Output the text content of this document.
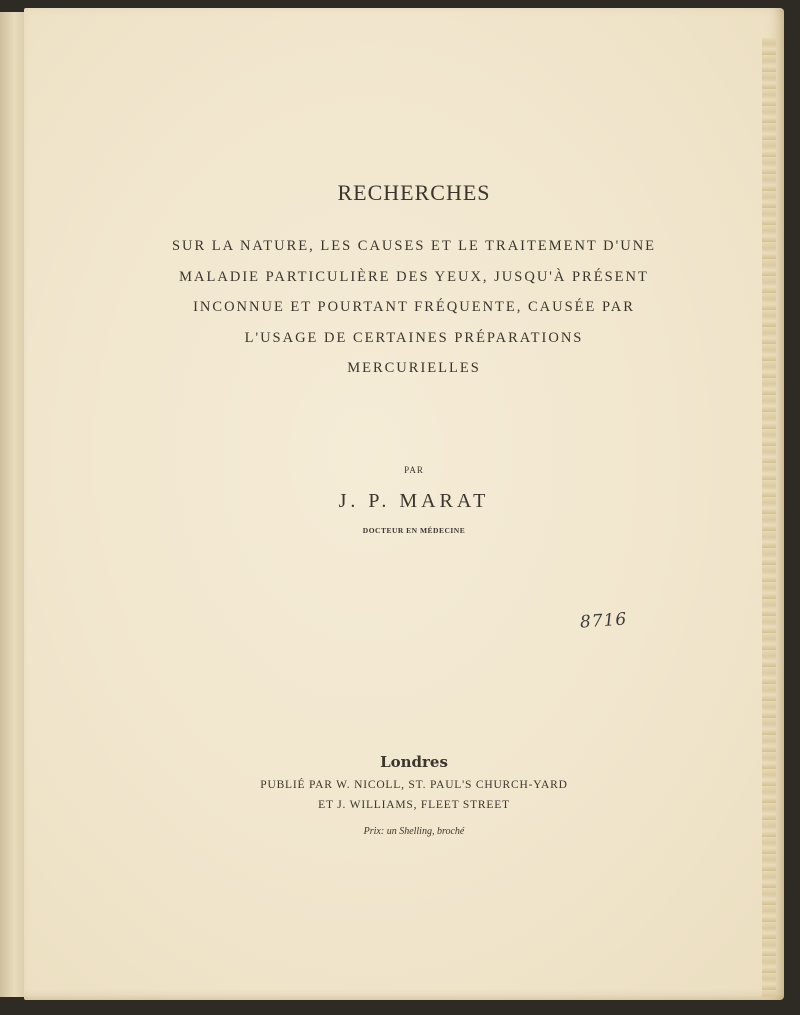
RECHERCHES
SUR LA NATURE, LES CAUSES ET LE TRAITEMENT D'UNE
MALADIE PARTICULIÈRE DES YEUX, JUSQU'À PRÉSENT
INCONNUE ET POURTANT FRÉQUENTE, CAUSÉE PAR
L'USAGE DE CERTAINES PRÉPARATIONS
MERCURIELLES
PAR
J. P. MARAT
DOCTEUR EN MÉDECINE
8716
Londres
PUBLIÉ PAR W. NICOLL, ST. PAUL'S CHURCH-YARD
ET J. WILLIAMS, FLEET STREET
Prix: un Shelling, broché
